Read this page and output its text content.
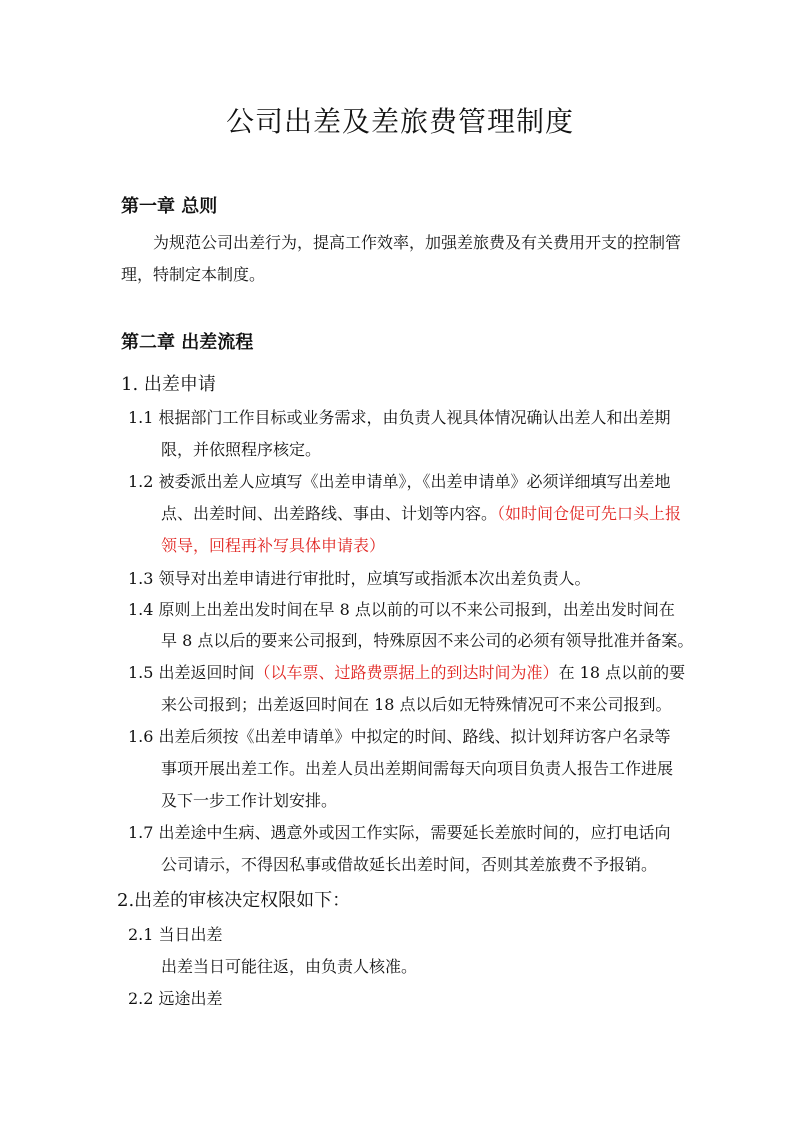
公司出差及差旅费管理制度
第一章 总则
为规范公司出差行为，提高工作效率，加强差旅费及有关费用开支的控制管
理，特制定本制度。
第二章 出差流程
1. 出差申请
1.1 根据部门工作目标或业务需求，由负责人视具体情况确认出差人和出差期
限，并依照程序核定。
1.2 被委派出差人应填写《出差申请单》，《出差申请单》必须详细填写出差地
点、出差时间、出差路线、事由、计划等内容。（如时间仓促可先口头上报
领导，回程再补写具体申请表）
1.3 领导对出差申请进行审批时，应填写或指派本次出差负责人。
1.4 原则上出差出发时间在早 8 点以前的可以不来公司报到，出差出发时间在
早 8 点以后的要来公司报到，特殊原因不来公司的必须有领导批准并备案。
1.5 出差返回时间（以车票、过路费票据上的到达时间为准）在 18 点以前的要
来公司报到；出差返回时间在 18 点以后如无特殊情况可不来公司报到。
1.6 出差后须按《出差申请单》中拟定的时间、路线、拟计划拜访客户名录等
事项开展出差工作。出差人员出差期间需每天向项目负责人报告工作进展
及下一步工作计划安排。
1.7 出差途中生病、遇意外或因工作实际，需要延长差旅时间的，应打电话向
公司请示，不得因私事或借故延长出差时间，否则其差旅费不予报销。
2.出差的审核决定权限如下：
2.1 当日出差
出差当日可能往返，由负责人核准。
2.2 远途出差
